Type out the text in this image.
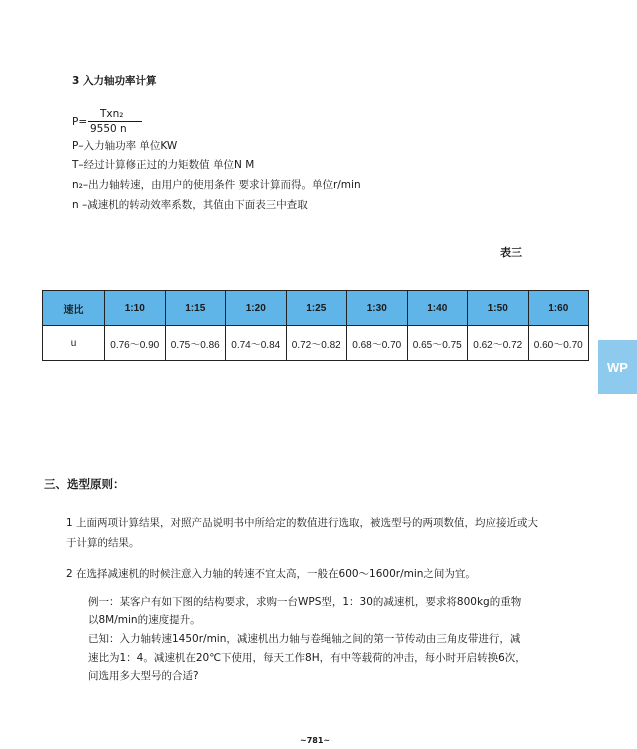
3 入力轴功率计算
P=
Txn₂
9550 n
P–入力轴功率 单位KW
T–经过计算修正过的力矩数值 单位N M
n₂–出力轴转速，由用户的使用条件 要求计算而得。单位r/min
n –减速机的转动效率系数，其值由下面表三中查取
表三
速比	1:10	1:15	1:20	1:25	1:30	1:40	1:50	1:60
u	0.76～0.90	0.75～0.86	0.74～0.84	0.72～0.82	0.68～0.70	0.65～0.75	0.62～0.72	0.60～0.70
WP
三、选型原则：
1 上面两项计算结果，对照产品说明书中所给定的数值进行选取，被选型号的两项数值，均应接近或大
于计算的结果。
2 在选择减速机的时候注意入力轴的转速不宜太高，一般在600～1600r/min之间为宜。
例一：某客户有如下图的结构要求，求购一台WPS型，1：30的减速机，要求将800kg的重物
以8M/min的速度提升。
已知：入力轴转速1450r/min，减速机出力轴与卷绳轴之间的第一节传动由三角皮带进行，减
速比为1：4。减速机在20℃下使用，每天工作8H，有中等载荷的冲击，每小时开启转换6次，
问选用多大型号的合适?
~781~
